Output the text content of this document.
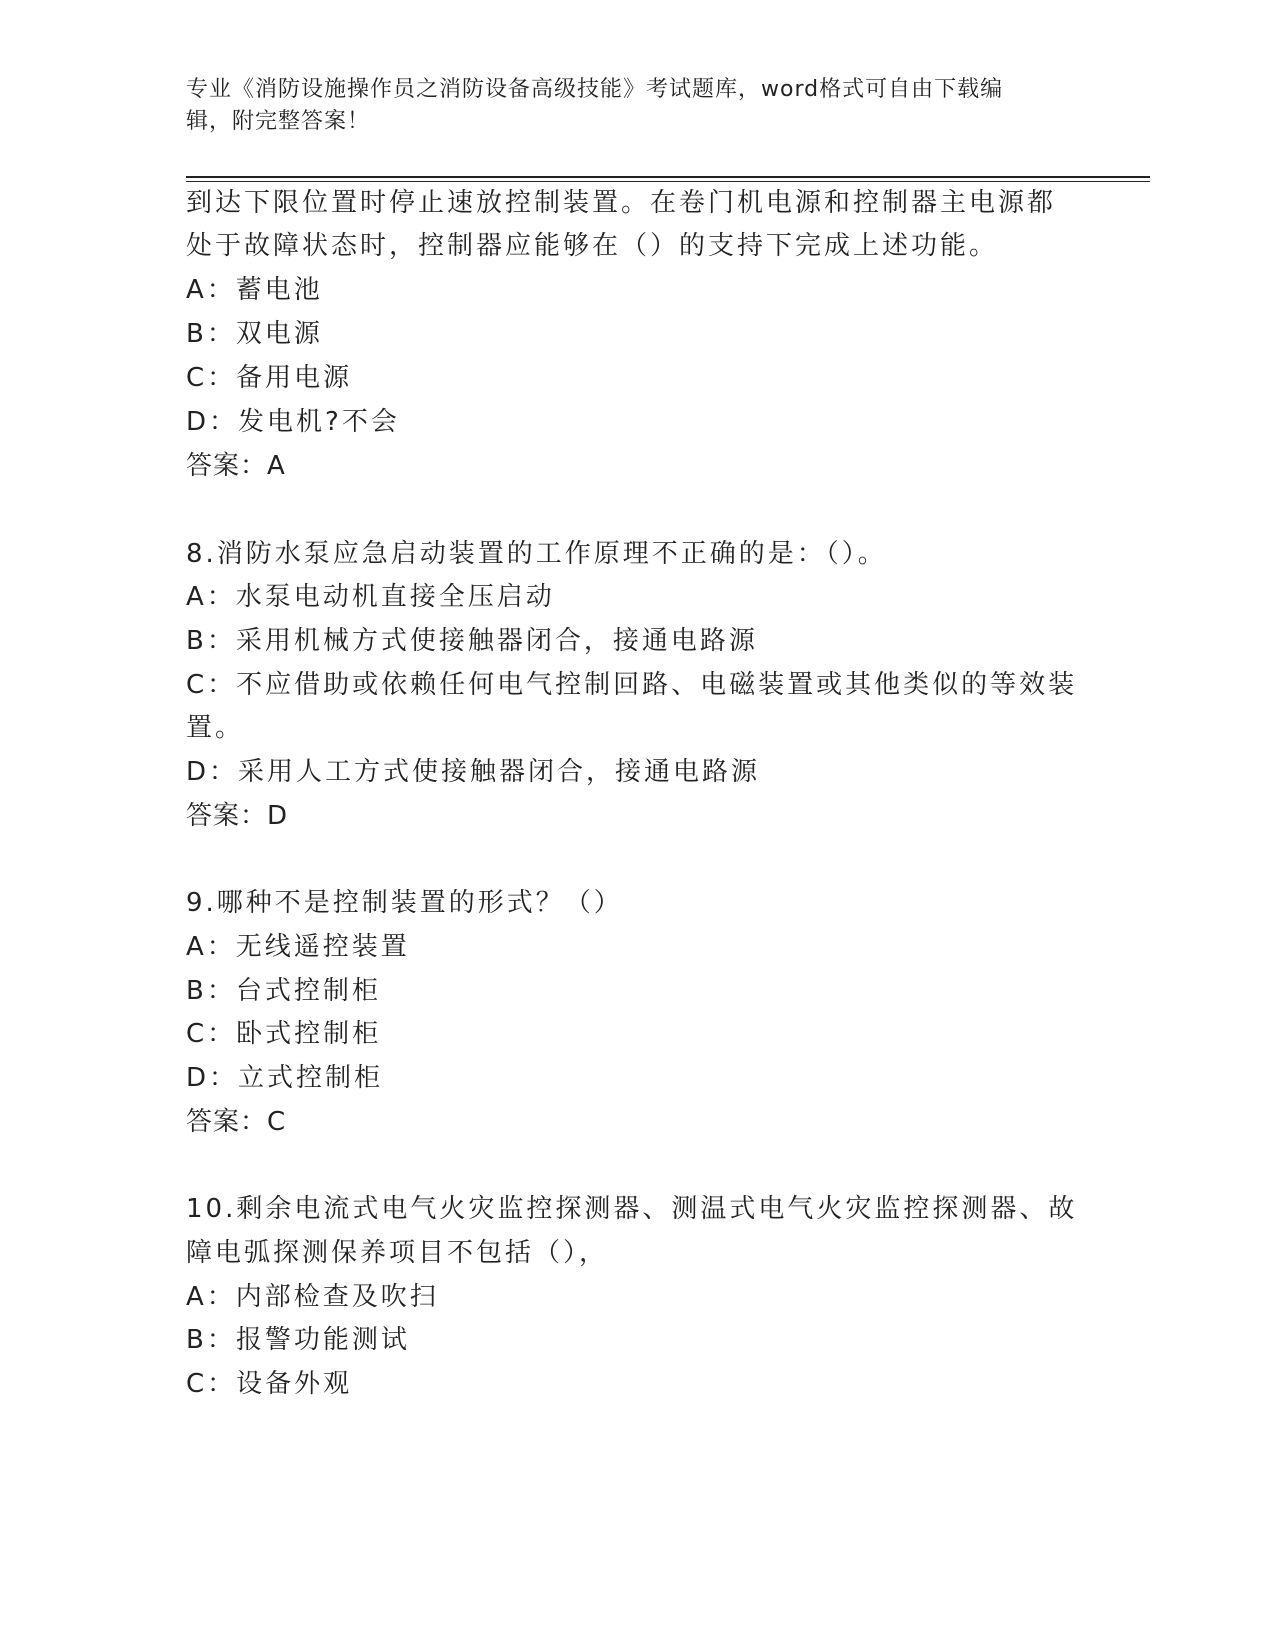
专业《消防设施操作员之消防设备高级技能》考试题库，word格式可自由下载编
辑，附完整答案！
到达下限位置时停止速放控制装置。在卷门机电源和控制器主电源都
处于故障状态时，控制器应能够在（）的支持下完成上述功能。
A：蓄电池
B：双电源
C：备用电源
D：发电机?不会
答案：A
8.消防水泵应急启动装置的工作原理不正确的是：（）。
A：水泵电动机直接全压启动
B：采用机械方式使接触器闭合，接通电路源
C：不应借助或依赖任何电气控制回路、电磁装置或其他类似的等效装
置。
D：采用人工方式使接触器闭合，接通电路源
答案：D
9.哪种不是控制装置的形式？（）
A：无线遥控装置
B：台式控制柜
C：卧式控制柜
D：立式控制柜
答案：C
10.剩余电流式电气火灾监控探测器、测温式电气火灾监控探测器、故
障电弧探测保养项目不包括（），
A：内部检查及吹扫
B：报警功能测试
C：设备外观
